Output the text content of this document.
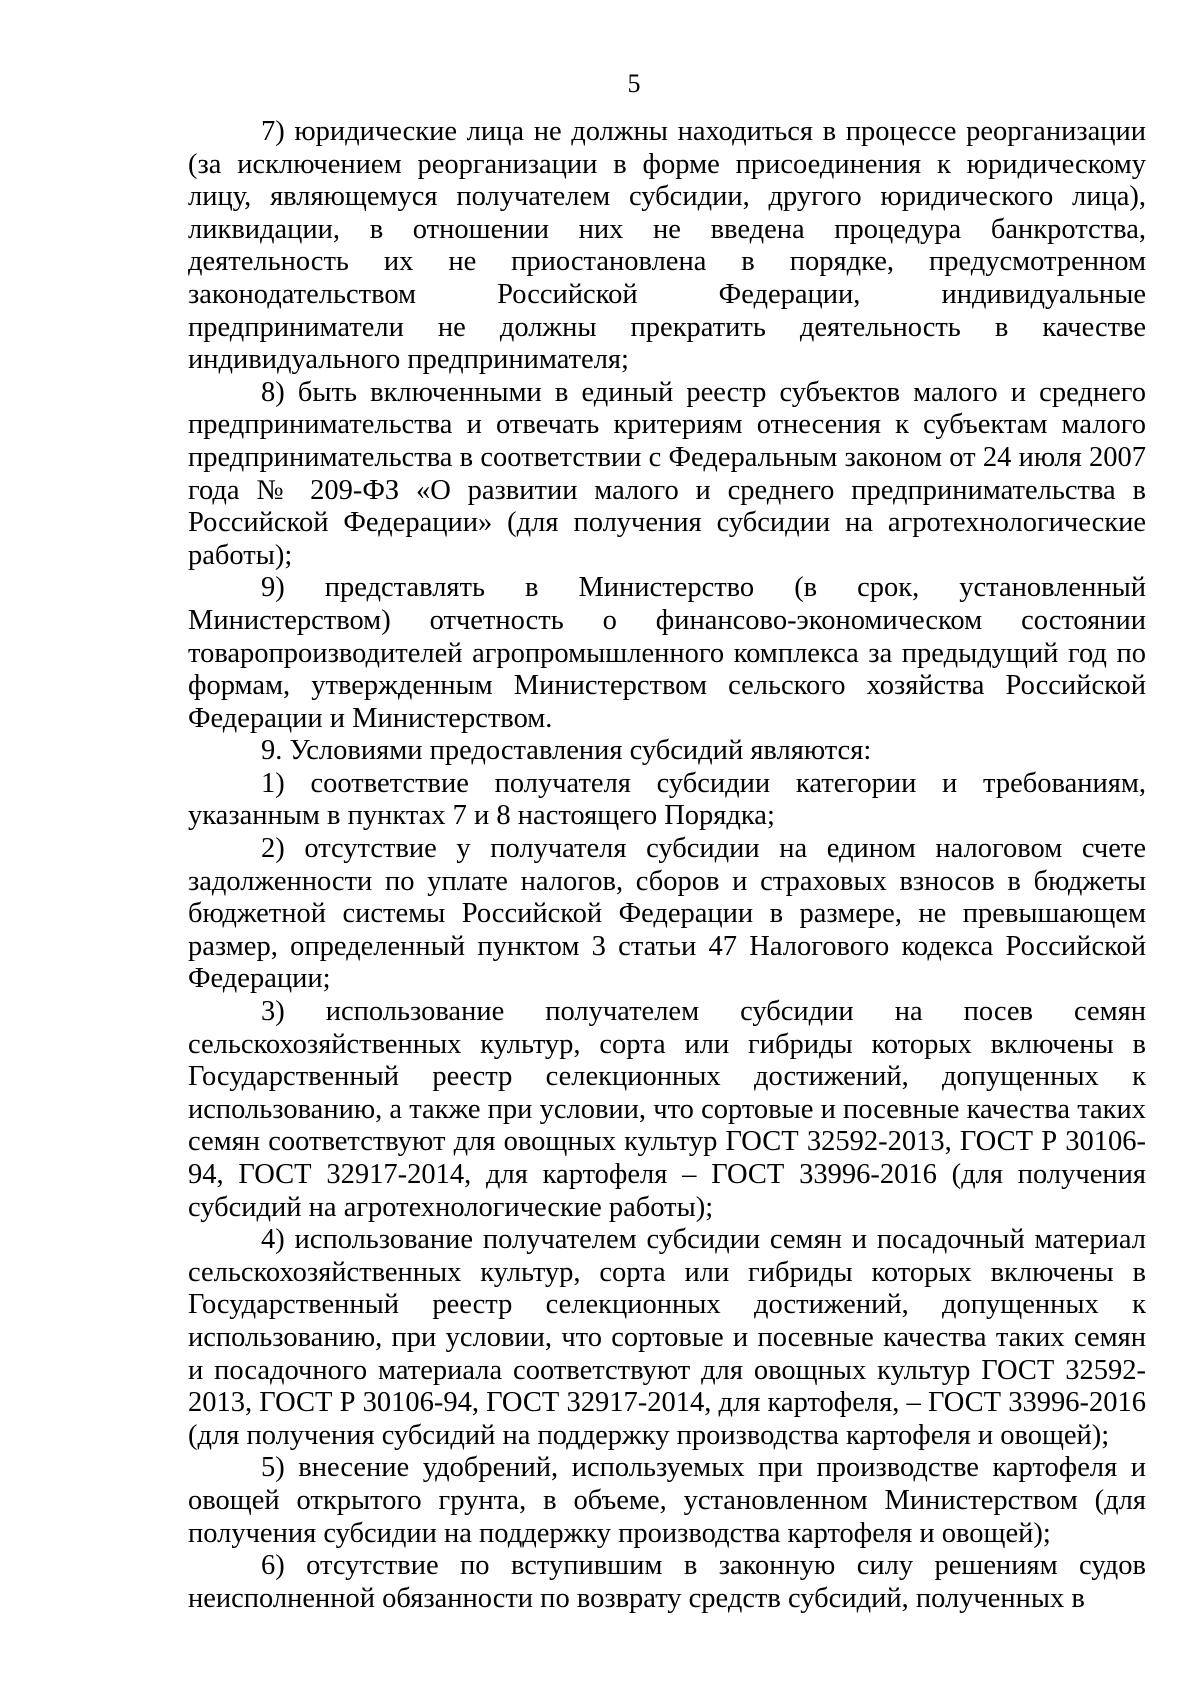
5

7) юридические лица не должны находиться в процессе реорганизации (за исключением реорганизации в форме присоединения к юридическому лицу, являющемуся получателем субсидии, другого юридического лица), ликвидации, в отношении них не введена процедура банкротства, деятельность их не приостановлена в порядке, предусмотренном законодательством Российской Федерации, индивидуальные предприниматели не должны прекратить деятельность в качестве индивидуального предпринимателя;

8) быть включенными в единый реестр субъектов малого и среднего предпринимательства и отвечать критериям отнесения к субъектам малого предпринимательства в соответствии с Федеральным законом от 24 июля 2007 года № 209-ФЗ «О развитии малого и среднего предпринимательства в Российской Федерации» (для получения субсидии на агротехнологические работы);

9) представлять в Министерство (в срок, установленный Министерством) отчетность о финансово-экономическом состоянии товаропроизводителей агропромышленного комплекса за предыдущий год по формам, утвержденным Министерством сельского хозяйства Российской Федерации и Министерством.

9. Условиями предоставления субсидий являются:

1) соответствие получателя субсидии категории и требованиям, указанным в пунктах 7 и 8 настоящего Порядка;

2) отсутствие у получателя субсидии на едином налоговом счете задолженности по уплате налогов, сборов и страховых взносов в бюджеты бюджетной системы Российской Федерации в размере, не превышающем размер, определенный пунктом 3 статьи 47 Налогового кодекса Российской Федерации;

3) использование получателем субсидии на посев семян сельскохозяйственных культур, сорта или гибриды которых включены в Государственный реестр селекционных достижений, допущенных к использованию, а также при условии, что сортовые и посевные качества таких семян соответствуют для овощных культур ГОСТ 32592-2013, ГОСТ Р 30106-94, ГОСТ 32917-2014, для картофеля – ГОСТ 33996-2016 (для получения субсидий на агротехнологические работы);

4) использование получателем субсидии семян и посадочный материал сельскохозяйственных культур, сорта или гибриды которых включены в Государственный реестр селекционных достижений, допущенных к использованию, при условии, что сортовые и посевные качества таких семян и посадочного материала соответствуют для овощных культур ГОСТ 32592-2013, ГОСТ Р 30106-94, ГОСТ 32917-2014, для картофеля, – ГОСТ 33996-2016 (для получения субсидий на поддержку производства картофеля и овощей);

5) внесение удобрений, используемых при производстве картофеля и овощей открытого грунта, в объеме, установленном Министерством (для получения субсидии на поддержку производства картофеля и овощей);

6) отсутствие по вступившим в законную силу решениям судов неисполненной обязанности по возврату средств субсидий, полученных в
